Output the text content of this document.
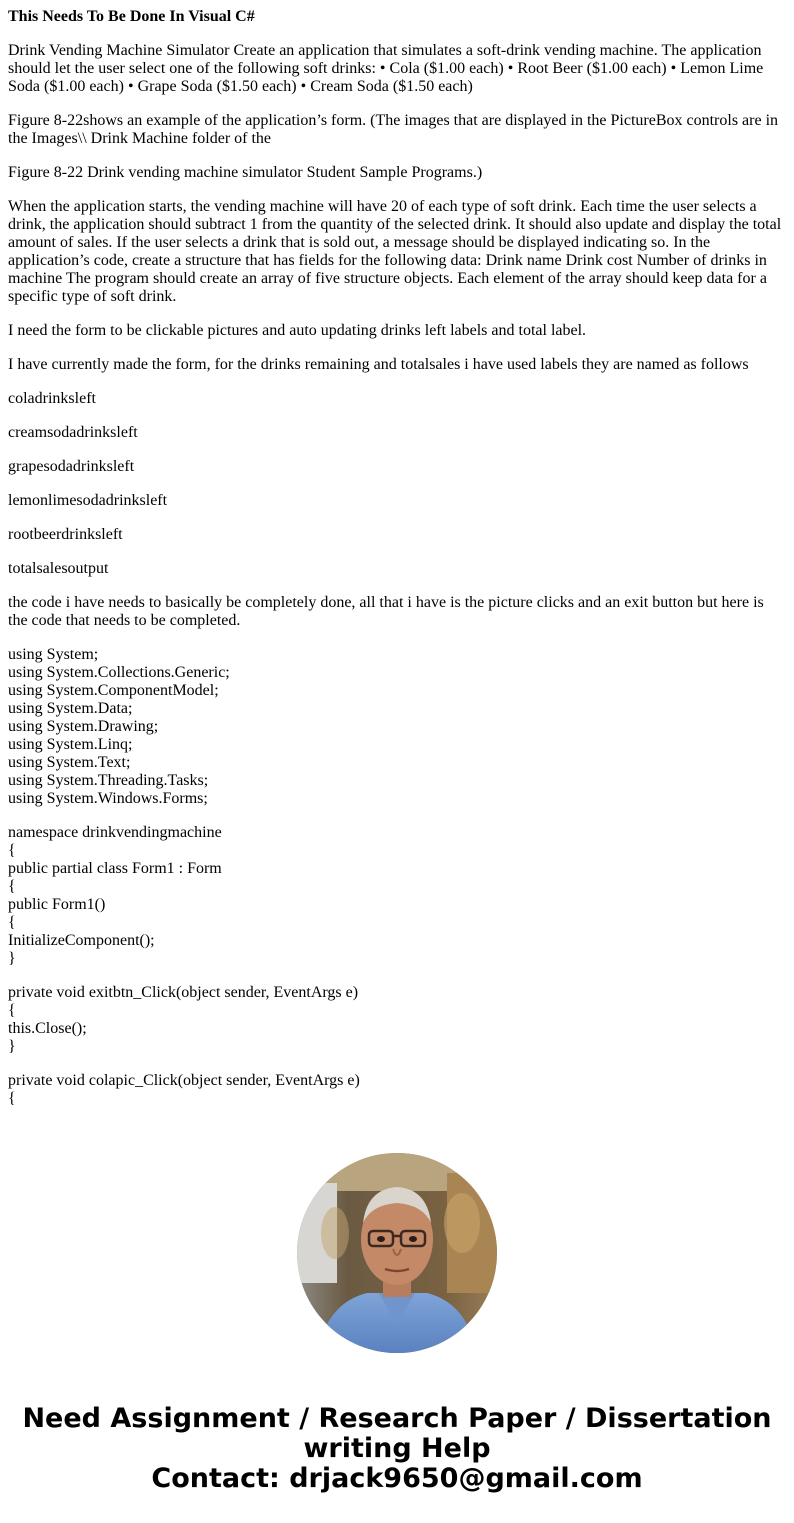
This Needs To Be Done In Visual C#

Drink Vending Machine Simulator Create an application that simulates a soft-drink vending machine. The application should let the user select one of the following soft drinks: • Cola ($1.00 each) • Root Beer ($1.00 each) • Lemon Lime Soda ($1.00 each) • Grape Soda ($1.50 each) • Cream Soda ($1.50 each)

Figure 8-22shows an example of the application’s form. (The images that are displayed in the PictureBox controls are in the Images\\ Drink Machine folder of the

Figure 8-22 Drink vending machine simulator Student Sample Programs.)

When the application starts, the vending machine will have 20 of each type of soft drink. Each time the user selects a drink, the application should subtract 1 from the quantity of the selected drink. It should also update and display the total amount of sales. If the user selects a drink that is sold out, a message should be displayed indicating so. In the application’s code, create a structure that has fields for the following data: Drink name Drink cost Number of drinks in machine The program should create an array of five structure objects. Each element of the array should keep data for a specific type of soft drink.

I need the form to be clickable pictures and auto updating drinks left labels and total label.

I have currently made the form, for the drinks remaining and totalsales i have used labels they are named as follows

coladrinksleft

creamsodadrinksleft

grapesodadrinksleft

lemonlimesodadrinksleft

rootbeerdrinksleft

totalsalesoutput

the code i have needs to basically be completely done, all that i have is the picture clicks and an exit button but here is the code that needs to be completed.

using System;
using System.Collections.Generic;
using System.ComponentModel;
using System.Data;
using System.Drawing;
using System.Linq;
using System.Text;
using System.Threading.Tasks;
using System.Windows.Forms;
namespace drinkvendingmachine
{
public partial class Form1 : Form
{
public Form1()
{
InitializeComponent();
}
private void exitbtn_Click(object sender, EventArgs e)
{
this.Close();
}
private void colapic_Click(object sender, EventArgs e)
{
Need Assignment / Research Paper / Dissertation
writing Help
Contact: drjack9650@gmail.com
